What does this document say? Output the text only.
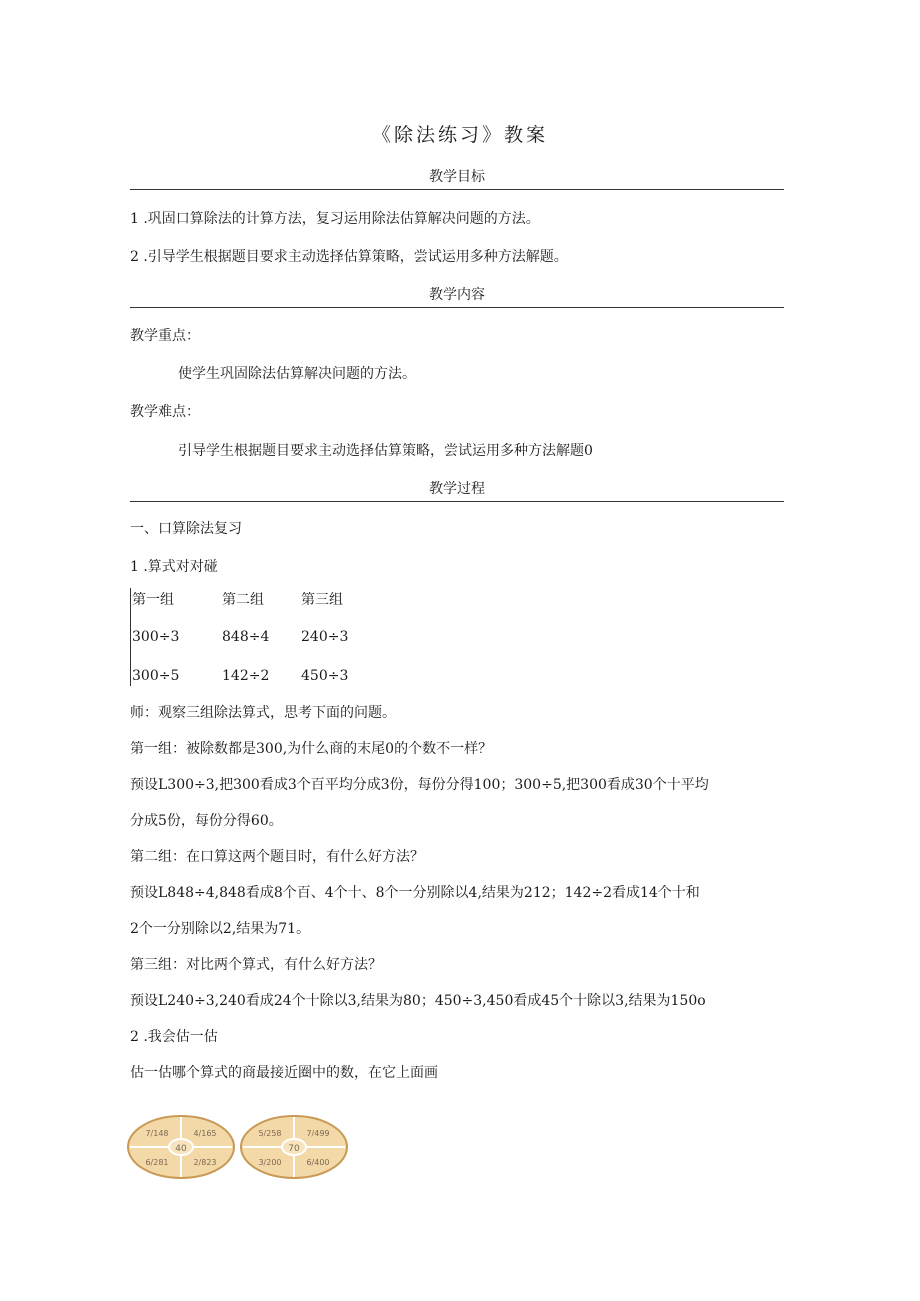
《除法练习》教案
教学目标
1 .巩固口算除法的计算方法，复习运用除法估算解决问题的方法。
2 .引导学生根据题目要求主动选择估算策略，尝试运用多种方法解题。
教学内容
教学重点：
使学生巩固除法估算解决问题的方法。
教学难点：
引导学生根据题目要求主动选择估算策略，尝试运用多种方法解题0
教学过程
一、口算除法复习
1 .算式对对碰
第一组	第二组	第三组
300÷3	848÷4 240÷3
300÷5	142÷2 450÷3
师：观察三组除法算式，思考下面的问题。
第一组：被除数都是300,为什么商的末尾0的个数不一样？
预设L300÷3,把300看成3个百平均分成3份，每份分得100；300÷5,把300看成30个十平均
分成5份，每份分得60。
第二组：在口算这两个题目时，有什么好方法？
预设L848÷4,848看成8个百、4个十、8个一分别除以4,结果为212；142÷2看成14个十和
2个一分别除以2,结果为71。
第三组：对比两个算式，有什么好方法？
预设L240÷3,240看成24个十除以3,结果为80；450÷3,450看成45个十除以3,结果为150o
2 .我会估一估
估一估哪个算式的商最接近圈中的数，在它上面画
40
7/148	4/165
6/281	2/823
70
5/258	7/499
3/200	6/400
